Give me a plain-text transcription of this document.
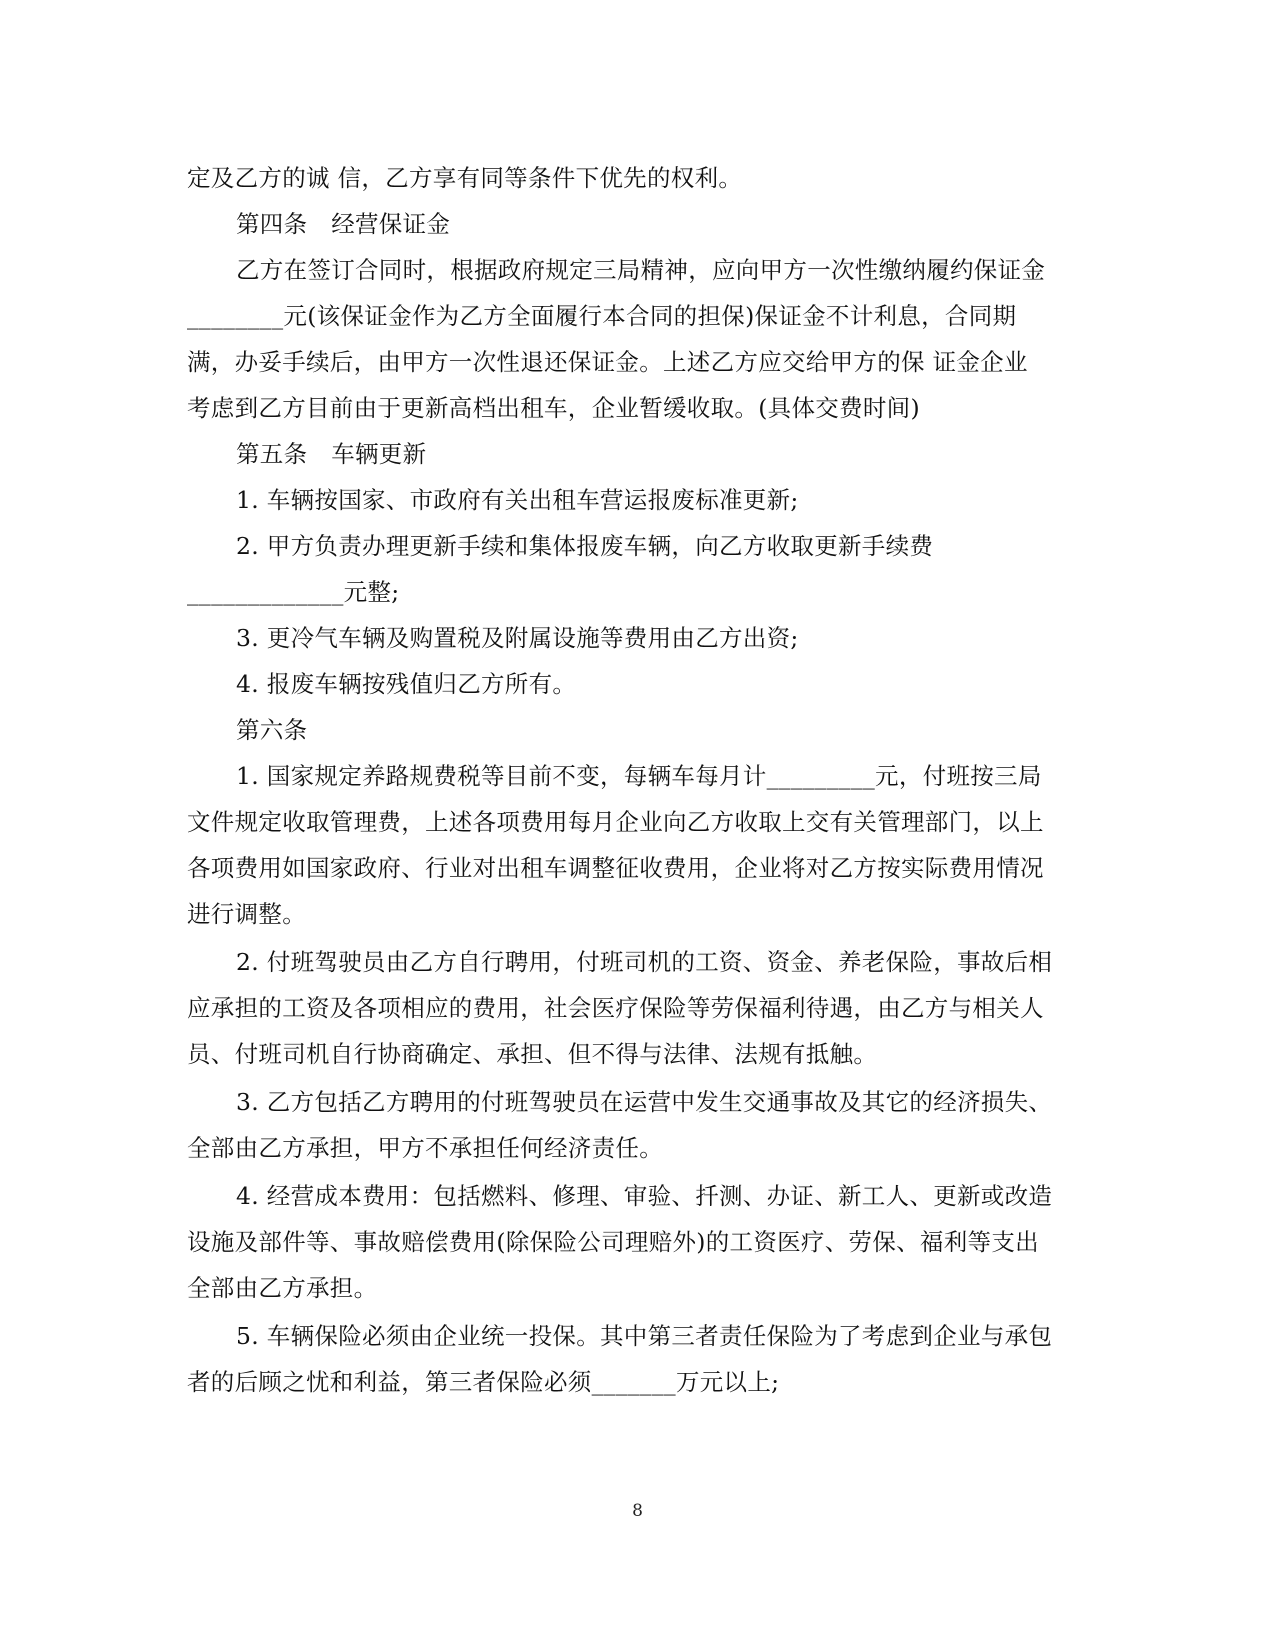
定及乙方的诚 信，乙方享有同等条件下优先的权利。
第四条　经营保证金
乙方在签订合同时，根据政府规定三局精神，应向甲方一次性缴纳履约保证金
________元(该保证金作为乙方全面履行本合同的担保)保证金不计利息，合同期
满，办妥手续后，由甲方一次性退还保证金。上述乙方应交给甲方的保 证金企业
考虑到乙方目前由于更新高档出租车，企业暂缓收取。(具体交费时间)
第五条　车辆更新
1. 车辆按国家、市政府有关出租车营运报废标准更新;
2. 甲方负责办理更新手续和集体报废车辆，向乙方收取更新手续费
_____________元整;
3. 更冷气车辆及购置税及附属设施等费用由乙方出资;
4. 报废车辆按残值归乙方所有。
第六条
1. 国家规定养路规费税等目前不变，每辆车每月计_________元，付班按三局
文件规定收取管理费，上述各项费用每月企业向乙方收取上交有关管理部门，以上
各项费用如国家政府、行业对出租车调整征收费用，企业将对乙方按实际费用情况
进行调整。
2. 付班驾驶员由乙方自行聘用，付班司机的工资、资金、养老保险，事故后相
应承担的工资及各项相应的费用，社会医疗保险等劳保福利待遇，由乙方与相关人
员、付班司机自行协商确定、承担、但不得与法律、法规有抵触。
3. 乙方包括乙方聘用的付班驾驶员在运营中发生交通事故及其它的经济损失、
全部由乙方承担，甲方不承担任何经济责任。
4. 经营成本费用：包括燃料、修理、审验、扦测、办证、新工人、更新或改造
设施及部件等、事故赔偿费用(除保险公司理赔外)的工资医疗、劳保、福利等支出
全部由乙方承担。
5. 车辆保险必须由企业统一投保。其中第三者责任保险为了考虑到企业与承包
者的后顾之忧和利益，第三者保险必须_______万元以上;
8
